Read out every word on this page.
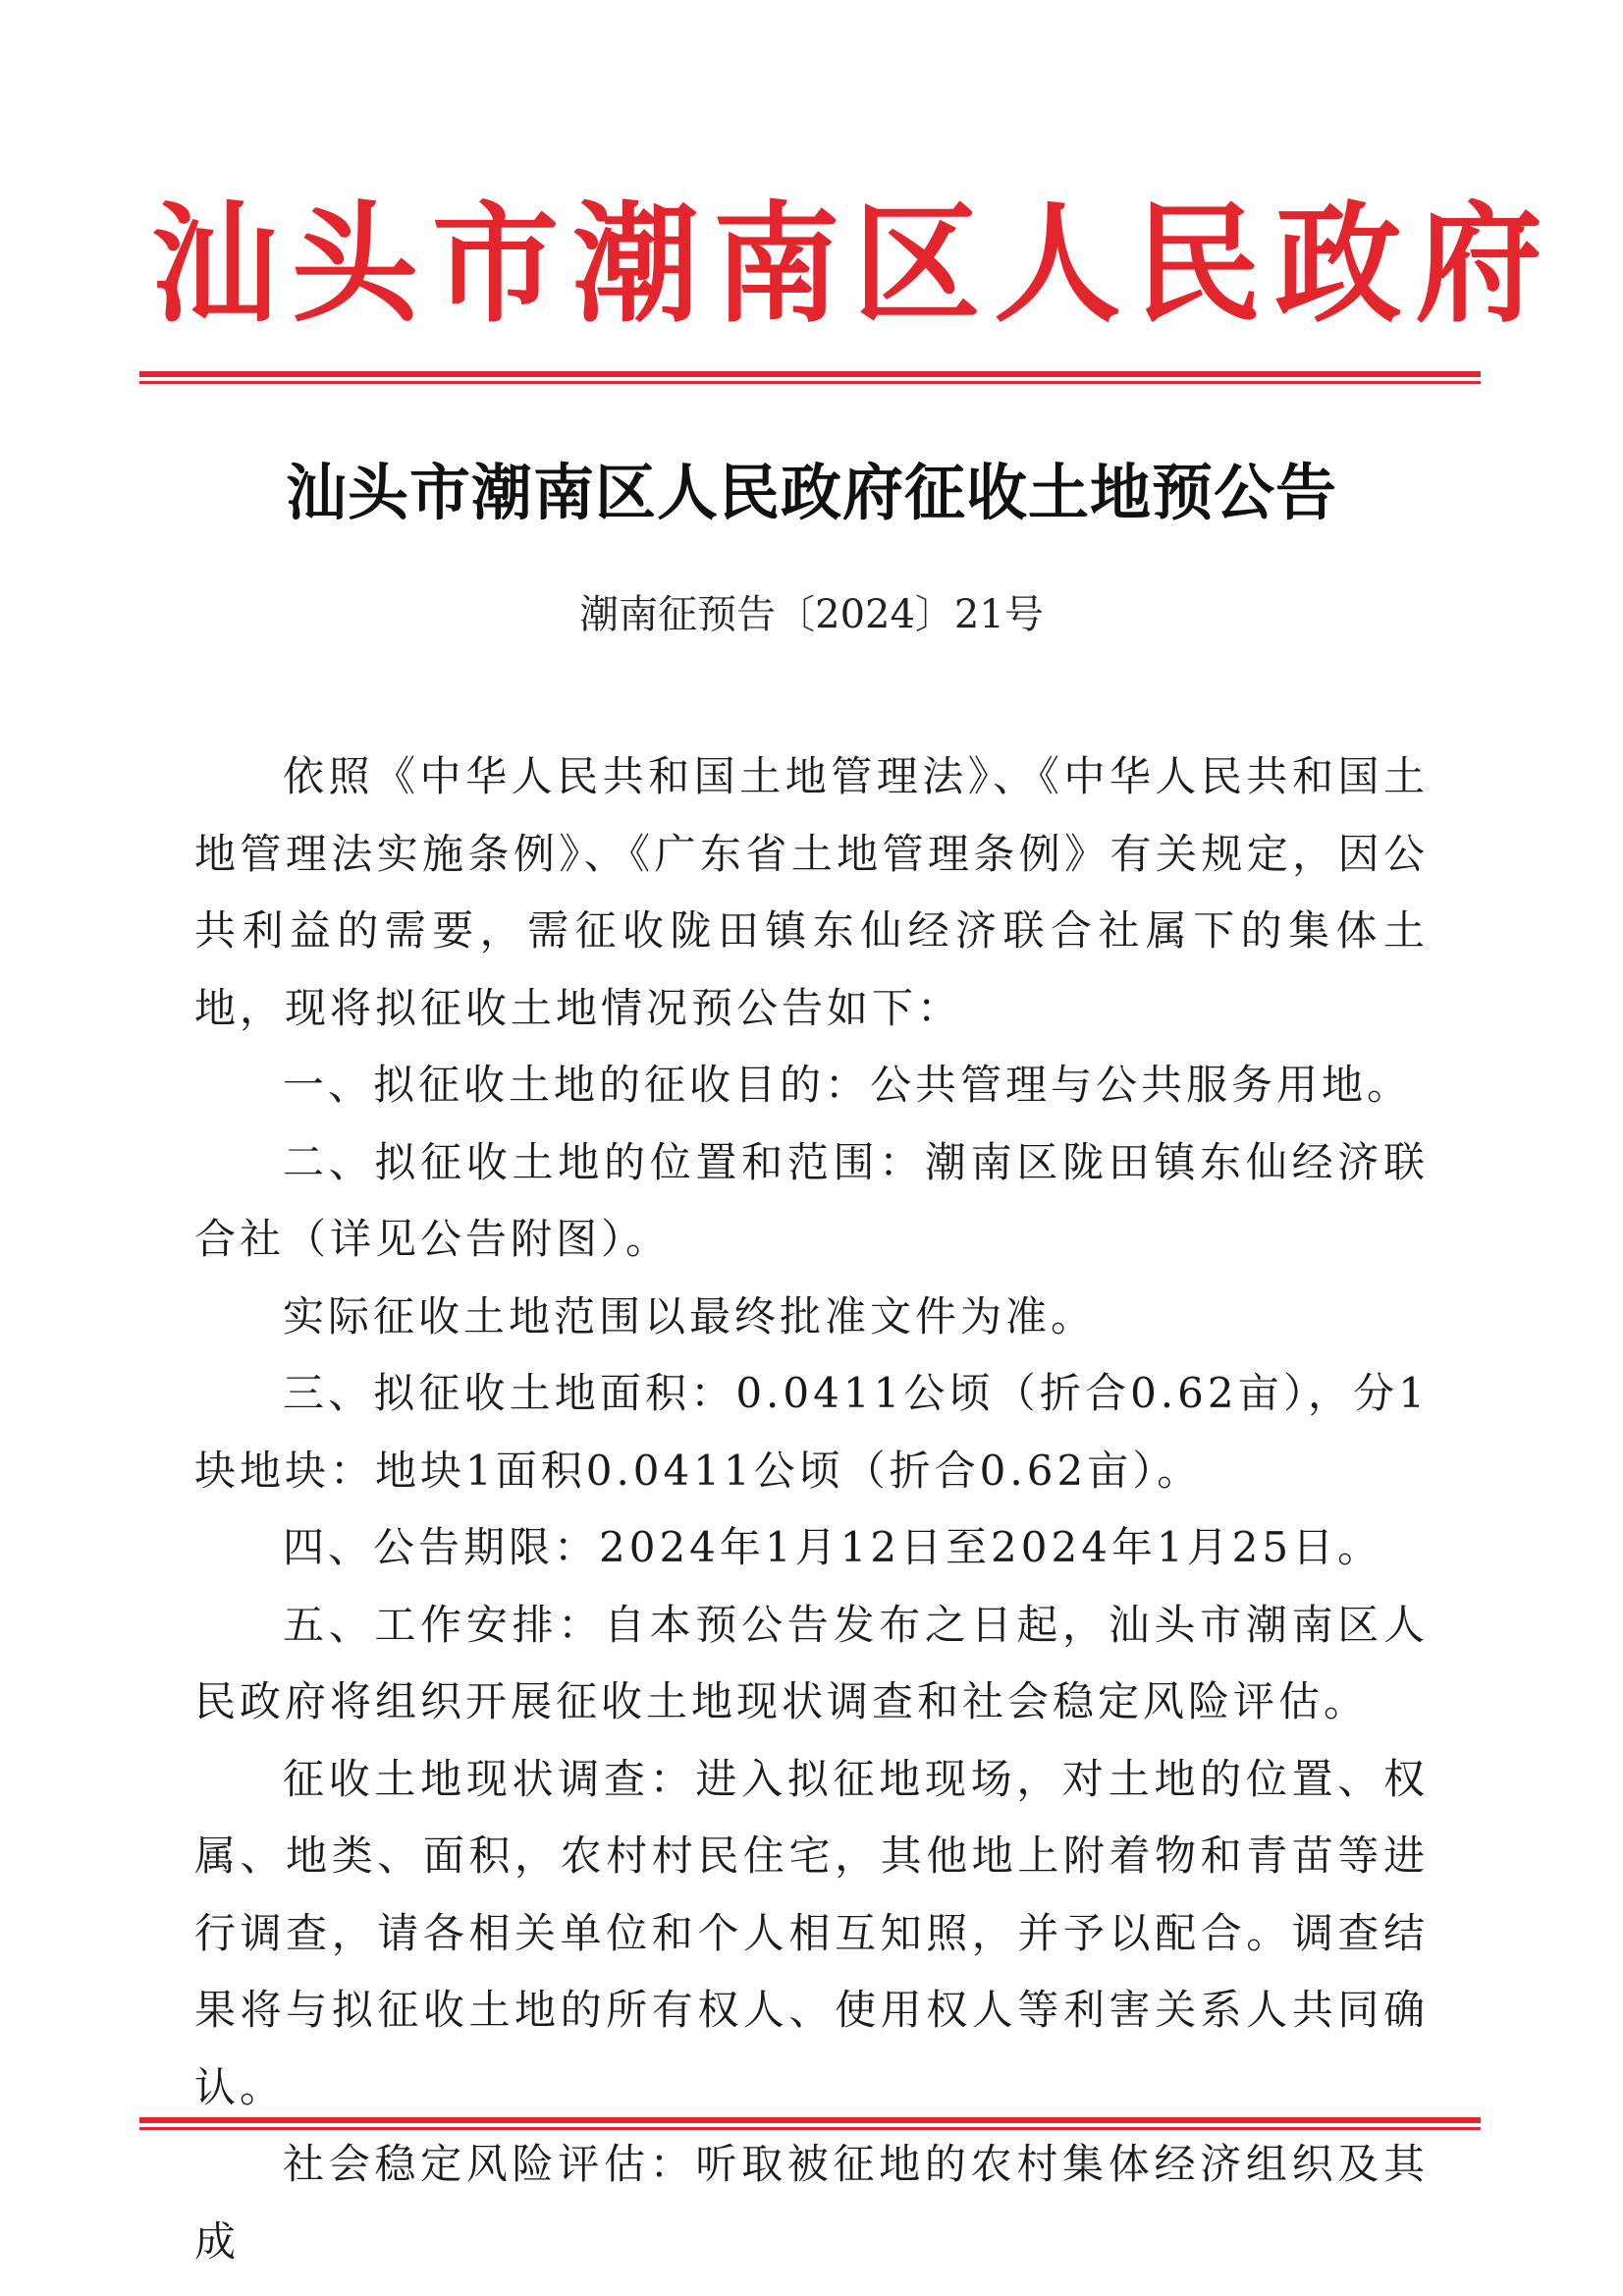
汕头市潮南区人民政府
汕头市潮南区人民政府征收土地预公告
潮南征预告〔2024〕21号

依照《中华人民共和国土地管理法》、《中华人民共和国土地管理法实施条例》、《广东省土地管理条例》有关规定，因公共利益的需要，需征收陇田镇东仙经济联合社属下的集体土地，现将拟征收土地情况预公告如下：

一、拟征收土地的征收目的：公共管理与公共服务用地。

二、拟征收土地的位置和范围：潮南区陇田镇东仙经济联合社（详见公告附图）。

实际征收土地范围以最终批准文件为准。

三、拟征收土地面积：0.0411公顷（折合0.62亩），分1块地块：地块1面积0.0411公顷（折合0.62亩）。

四、公告期限：2024年1月12日至2024年1月25日。

五、工作安排：自本预公告发布之日起，汕头市潮南区人民政府将组织开展征收土地现状调查和社会稳定风险评估。

征收土地现状调查：进入拟征地现场，对土地的位置、权属、地类、面积，农村村民住宅，其他地上附着物和青苗等进行调查，请各相关单位和个人相互知照，并予以配合。调查结果将与拟征收土地的所有权人、使用权人等利害关系人共同确认。

社会稳定风险评估：听取被征地的农村集体经济组织及其成
